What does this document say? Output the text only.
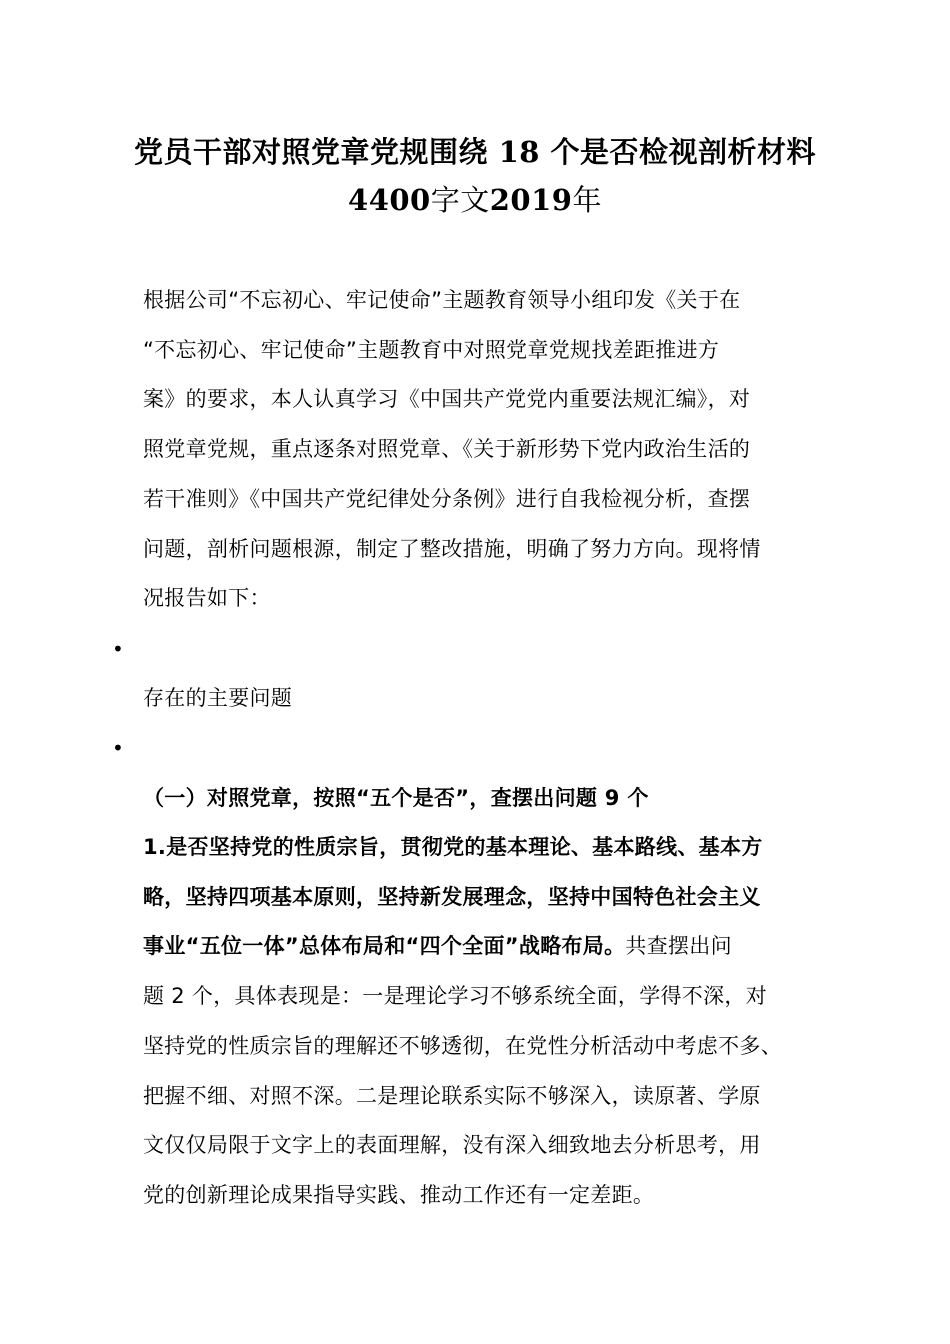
党员干部对照党章党规围绕 18 个是否检视剖析材料
4400字文2019年
根据公司“不忘初心、牢记使命”主题教育领导小组印发《关于在
“不忘初心、牢记使命”主题教育中对照党章党规找差距推进方
案》的要求，本人认真学习《中国共产党党内重要法规汇编》，对
照党章党规，重点逐条对照党章、《关于新形势下党内政治生活的
若干准则》《中国共产党纪律处分条例》进行自我检视分析，查摆
问题，剖析问题根源，制定了整改措施，明确了努力方向。现将情
况报告如下：
•
存在的主要问题
•
（一）对照党章，按照“五个是否”，查摆出问题 9 个
1.是否坚持党的性质宗旨，贯彻党的基本理论、基本路线、基本方
略，坚持四项基本原则，坚持新发展理念，坚持中国特色社会主义
事业“五位一体”总体布局和“四个全面”战略布局。共查摆出问
题 2 个，具体表现是：一是理论学习不够系统全面，学得不深，对
坚持党的性质宗旨的理解还不够透彻，在党性分析活动中考虑不多、
把握不细、对照不深。二是理论联系实际不够深入，读原著、学原
文仅仅局限于文字上的表面理解，没有深入细致地去分析思考，用
党的创新理论成果指导实践、推动工作还有一定差距。
